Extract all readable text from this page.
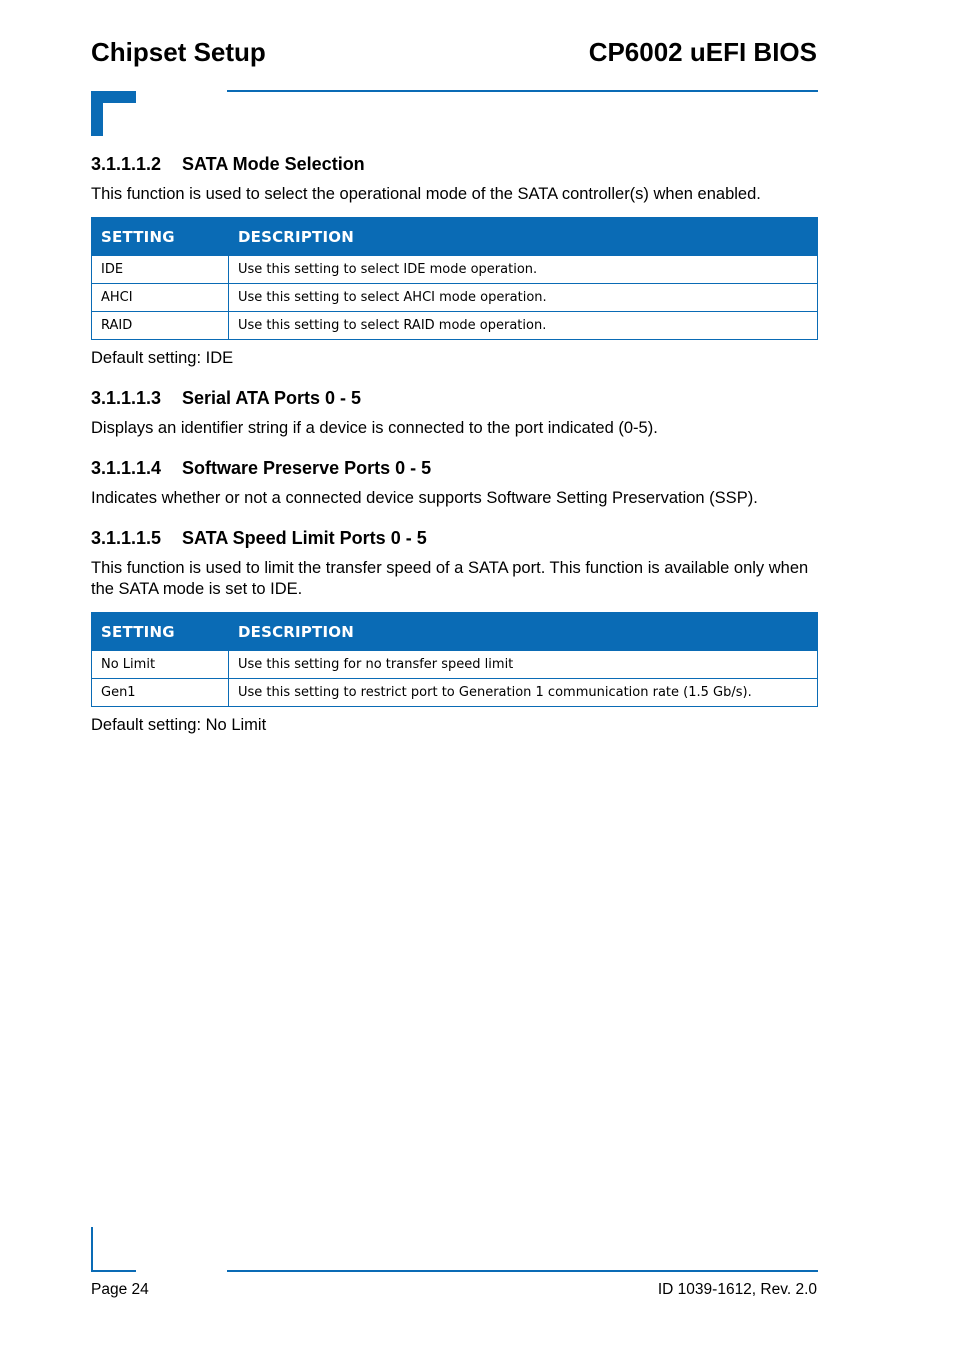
Chipset Setup	CP6002 uEFI BIOS
3.1.1.1.2 SATA Mode Selection

This function is used to select the operational mode of the SATA controller(s) when enabled.

SETTING	DESCRIPTION
IDE	Use this setting to select IDE mode operation.
AHCI	Use this setting to select AHCI mode operation.
RAID	Use this setting to select RAID mode operation.

Default setting: IDE

3.1.1.1.3 Serial ATA Ports 0 - 5

Displays an identifier string if a device is connected to the port indicated (0-5).

3.1.1.1.4 Software Preserve Ports 0 - 5

Indicates whether or not a connected device supports Software Setting Preservation (SSP).

3.1.1.1.5 SATA Speed Limit Ports 0 - 5

This function is used to limit the transfer speed of a SATA port. This function is available only when the SATA mode is set to IDE.

SETTING	DESCRIPTION
No Limit	Use this setting for no transfer speed limit
Gen1	Use this setting to restrict port to Generation 1 communication rate (1.5 Gb/s).

Default setting: No Limit

Page 24	ID 1039-1612, Rev. 2.0
